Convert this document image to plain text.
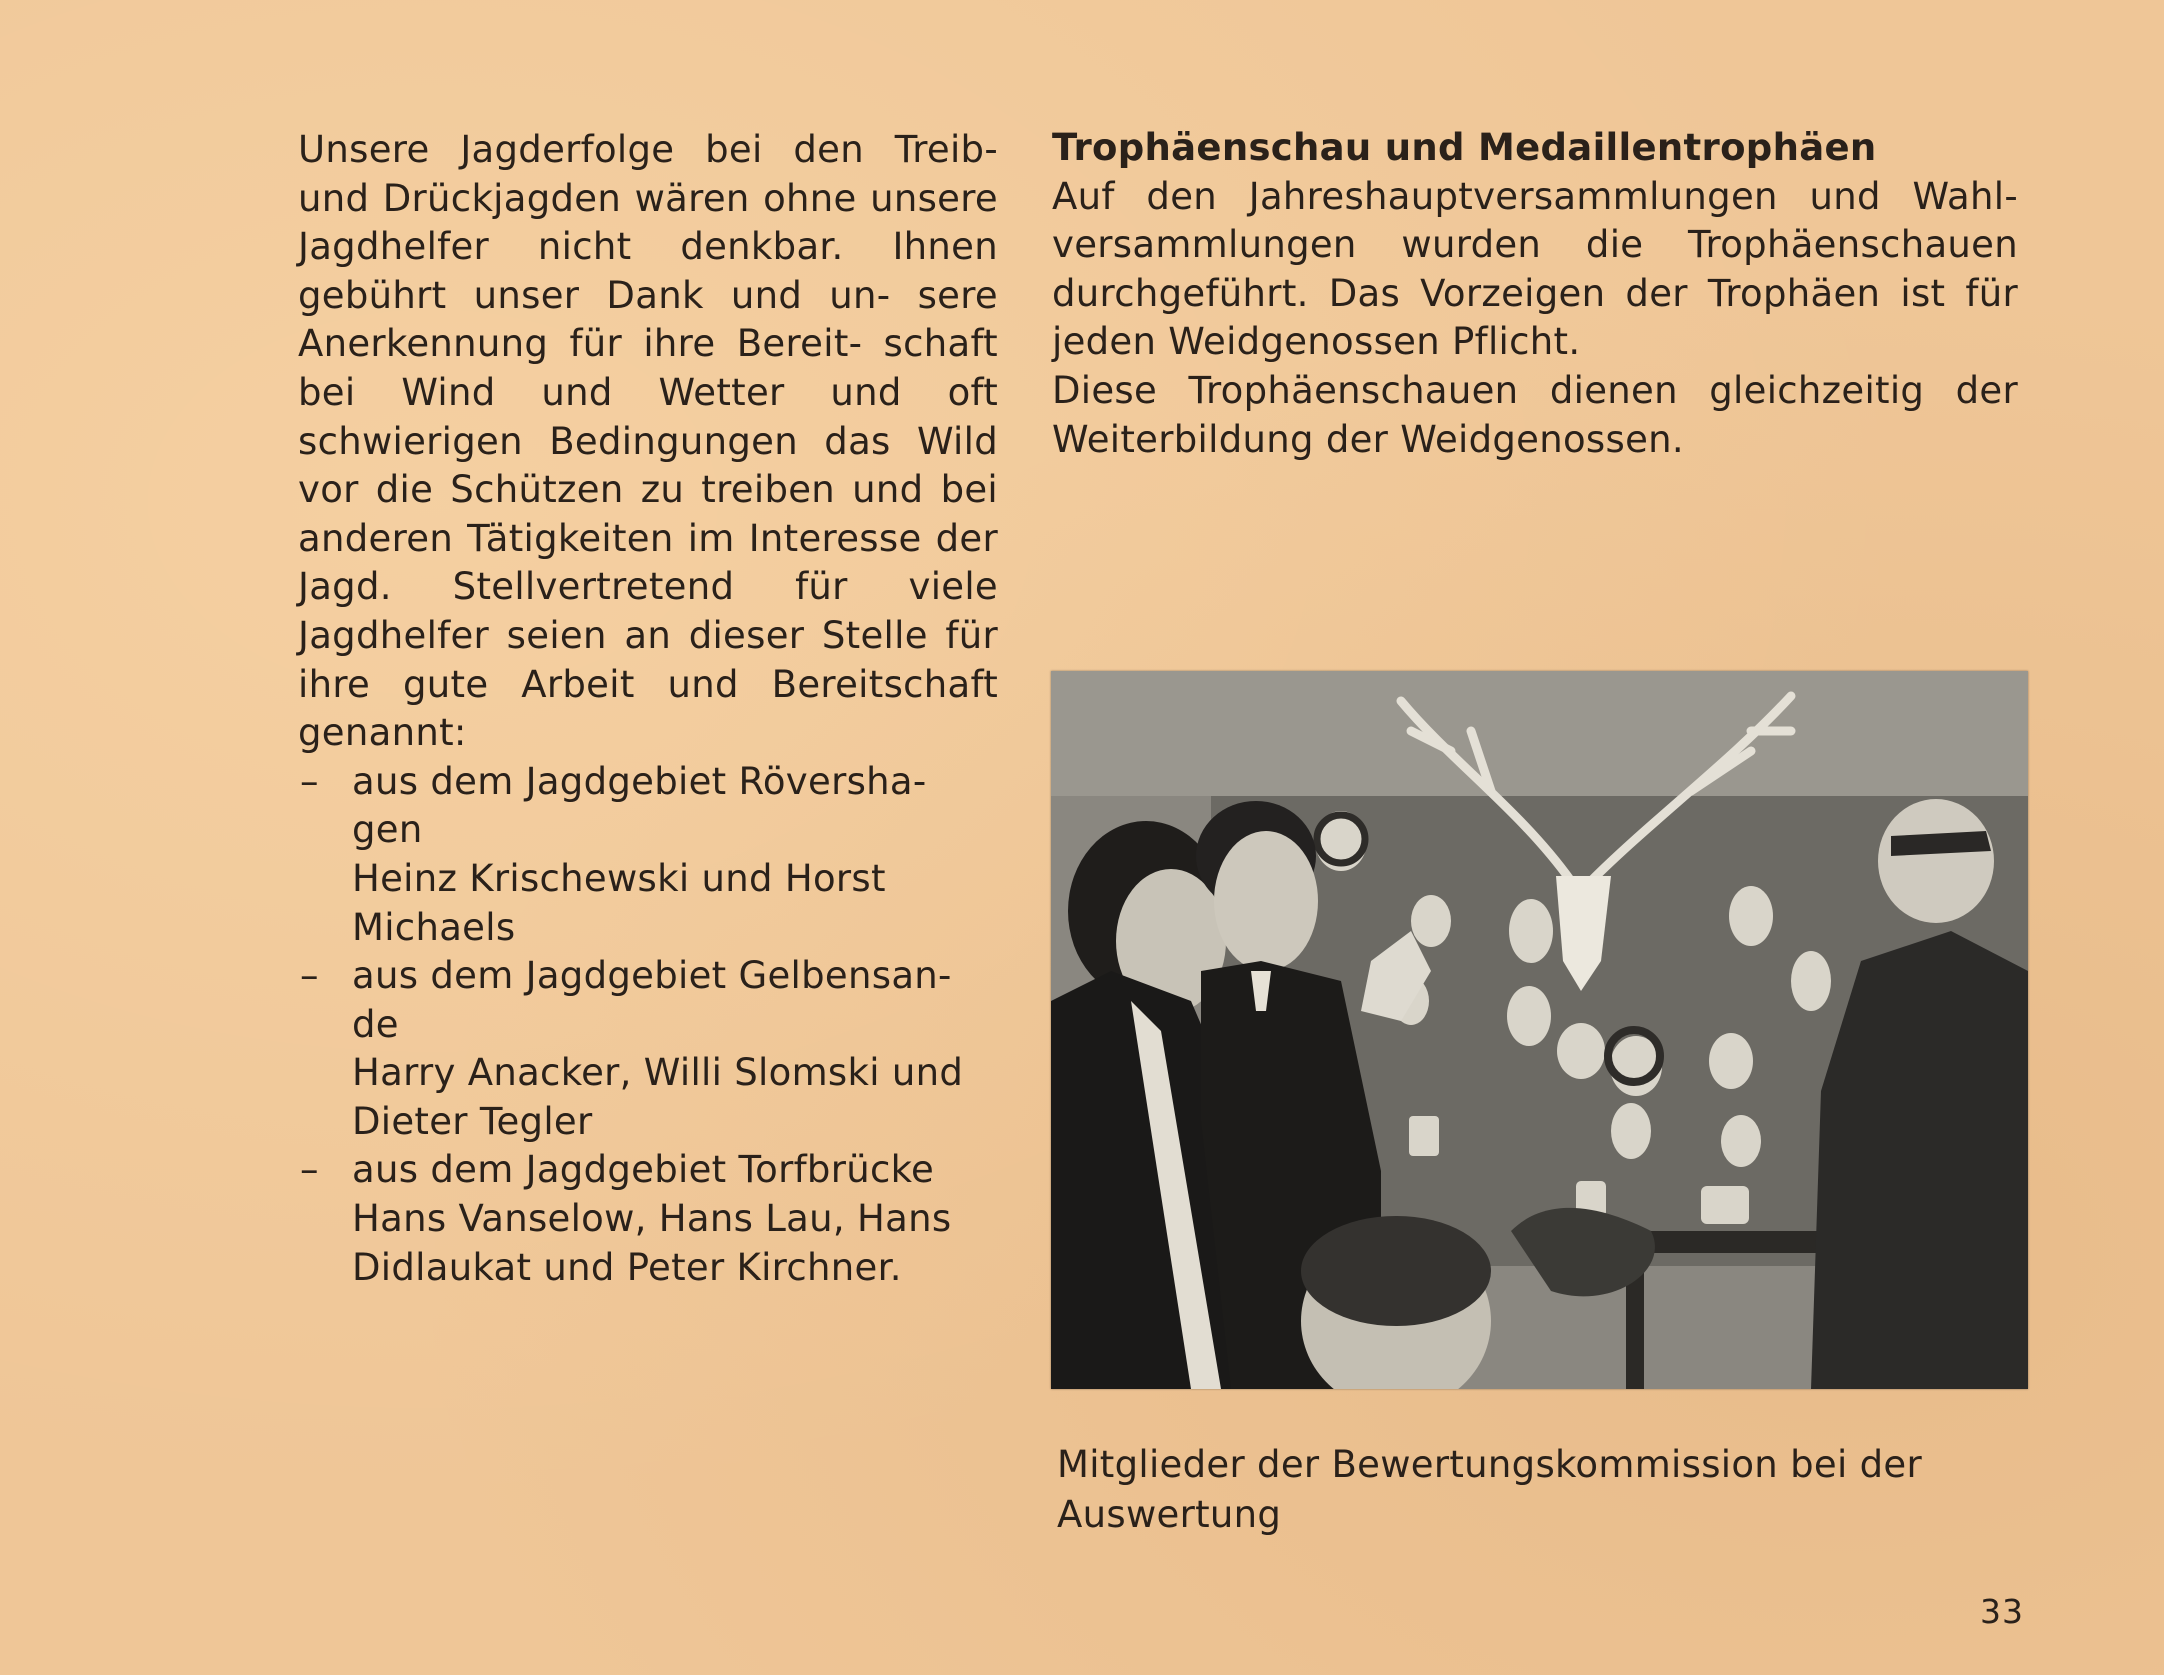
Unsere Jagderfolge bei den Treib- und Drückjagden wären ohne unsere Jagdhelfer nicht denkbar. Ihnen gebührt unser Dank und un- sere Anerkennung für ihre Bereit- schaft bei Wind und Wetter und oft schwierigen Bedingungen das Wild vor die Schützen zu treiben und bei anderen Tätigkeiten im Interesse der Jagd. Stellvertretend für viele Jagdhelfer seien an dieser Stelle für ihre gute Arbeit und Bereitschaft genannt:

– aus dem Jagdgebiet Röversha- gen
Heinz Krischewski und Horst Michaels
– aus dem Jagdgebiet Gelbensan- de
Harry Anacker, Willi Slomski und Dieter Tegler
– aus dem Jagdgebiet Torfbrücke
Hans Vanselow, Hans Lau, Hans Didlaukat und Peter Kirchner.

Trophäenschau und Medaillentrophäen

Auf den Jahreshauptversammlungen und Wahl- versammlungen wurden die Trophäenschauen durchgeführt. Das Vorzeigen der Trophäen ist für jeden Weidgenossen Pflicht.

Diese Trophäenschauen dienen gleichzeitig der Weiterbildung der Weidgenossen.

Mitglieder der Bewertungskommission bei der Auswertung

33
